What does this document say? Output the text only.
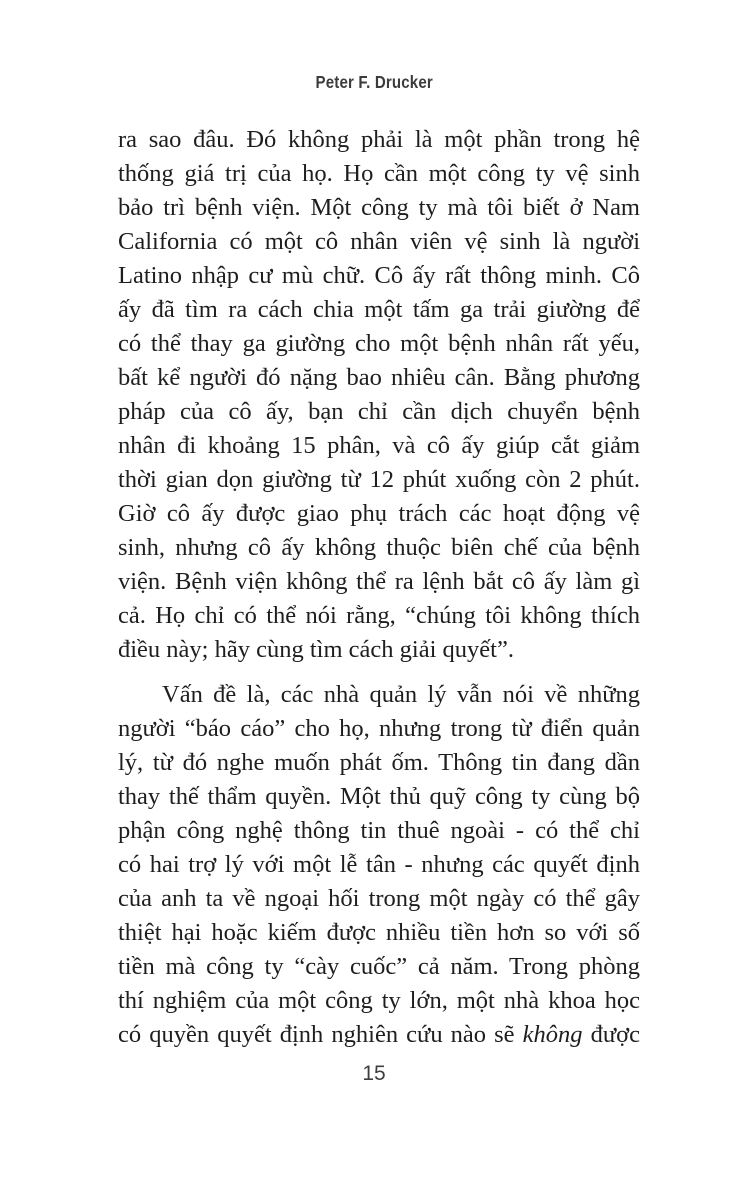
Peter F. Drucker
ra sao đâu. Đó không phải là một phần trong hệ
thống giá trị của họ. Họ cần một công ty vệ sinh
bảo trì bệnh viện. Một công ty mà tôi biết ở Nam
California có một cô nhân viên vệ sinh là người
Latino nhập cư mù chữ. Cô ấy rất thông minh. Cô
ấy đã tìm ra cách chia một tấm ga trải giường để
có thể thay ga giường cho một bệnh nhân rất yếu,
bất kể người đó nặng bao nhiêu cân. Bằng phương
pháp của cô ấy, bạn chỉ cần dịch chuyển bệnh
nhân đi khoảng 15 phân, và cô ấy giúp cắt giảm
thời gian dọn giường từ 12 phút xuống còn 2 phút.
Giờ cô ấy được giao phụ trách các hoạt động vệ
sinh, nhưng cô ấy không thuộc biên chế của bệnh
viện. Bệnh viện không thể ra lệnh bắt cô ấy làm gì
cả. Họ chỉ có thể nói rằng, “chúng tôi không thích
điều này; hãy cùng tìm cách giải quyết”.
Vấn đề là, các nhà quản lý vẫn nói về những
người “báo cáo” cho họ, nhưng trong từ điển quản
lý, từ đó nghe muốn phát ốm. Thông tin đang dần
thay thế thẩm quyền. Một thủ quỹ công ty cùng bộ
phận công nghệ thông tin thuê ngoài - có thể chỉ
có hai trợ lý với một lễ tân - nhưng các quyết định
của anh ta về ngoại hối trong một ngày có thể gây
thiệt hại hoặc kiếm được nhiều tiền hơn so với số
tiền mà công ty “cày cuốc” cả năm. Trong phòng
thí nghiệm của một công ty lớn, một nhà khoa học
có quyền quyết định nghiên cứu nào sẽ không được
15
